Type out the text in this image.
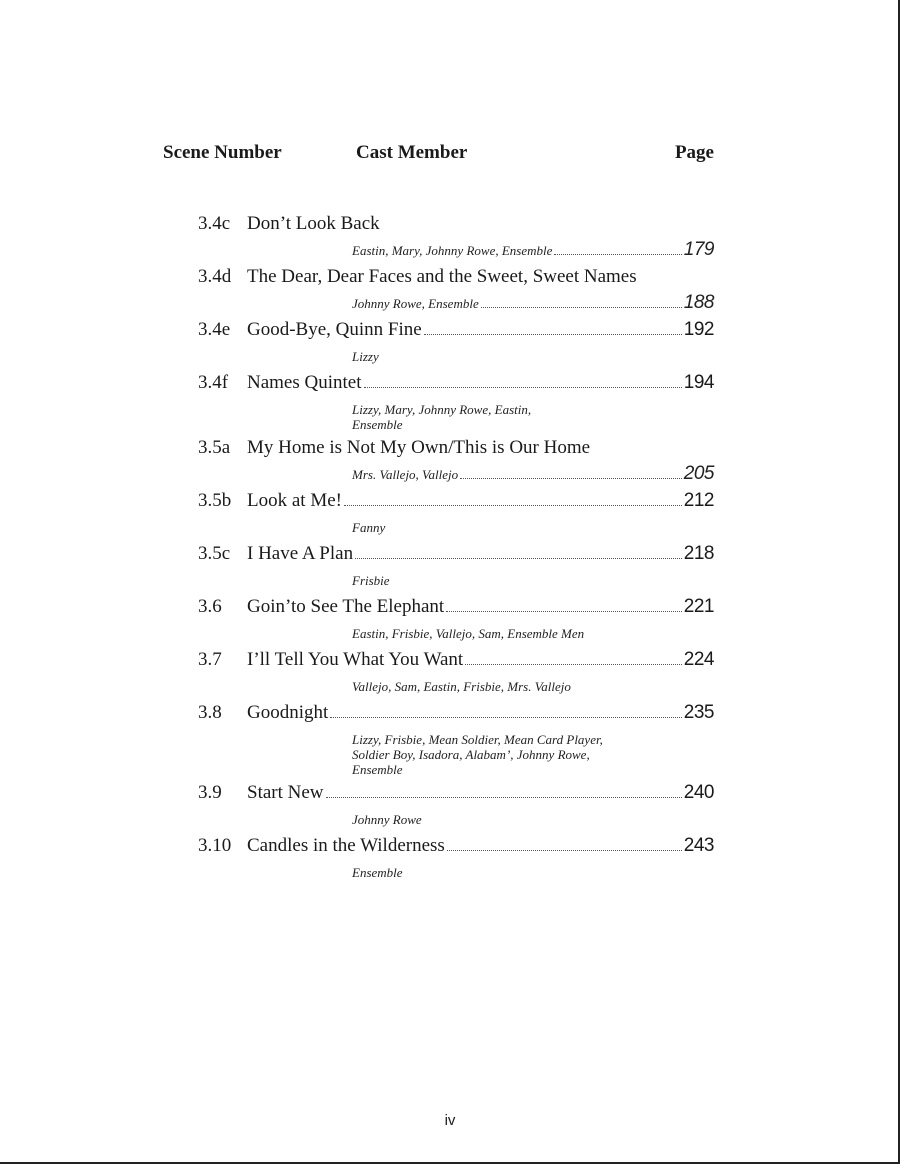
Scene Number	Cast Member	Page
3.4c Don’t Look Back
Eastin, Mary, Johnny Rowe, Ensemble	179
3.4d The Dear, Dear Faces and the Sweet, Sweet Names
Johnny Rowe, Ensemble	188
3.4e Good-Bye, Quinn Fine	192
Lizzy
3.4f Names Quintet	194
Lizzy, Mary, Johnny Rowe, Eastin,
Ensemble
3.5a My Home is Not My Own/This is Our Home
Mrs. Vallejo, Vallejo	205
3.5b Look at Me!	212
Fanny
3.5c I Have A Plan	218
Frisbie
3.6	Goin’to See The Elephant	221
Eastin, Frisbie, Vallejo, Sam, Ensemble Men
3.7	I’ll Tell You What You Want	224
Vallejo, Sam, Eastin, Frisbie, Mrs. Vallejo
3.8	Goodnight	235
Lizzy, Frisbie, Mean Soldier, Mean Card Player,
Soldier Boy, Isadora, Alabam’, Johnny Rowe,
Ensemble
3.9	Start New	240
Johnny Rowe
3.10 Candles in the Wilderness	243
Ensemble
iv
